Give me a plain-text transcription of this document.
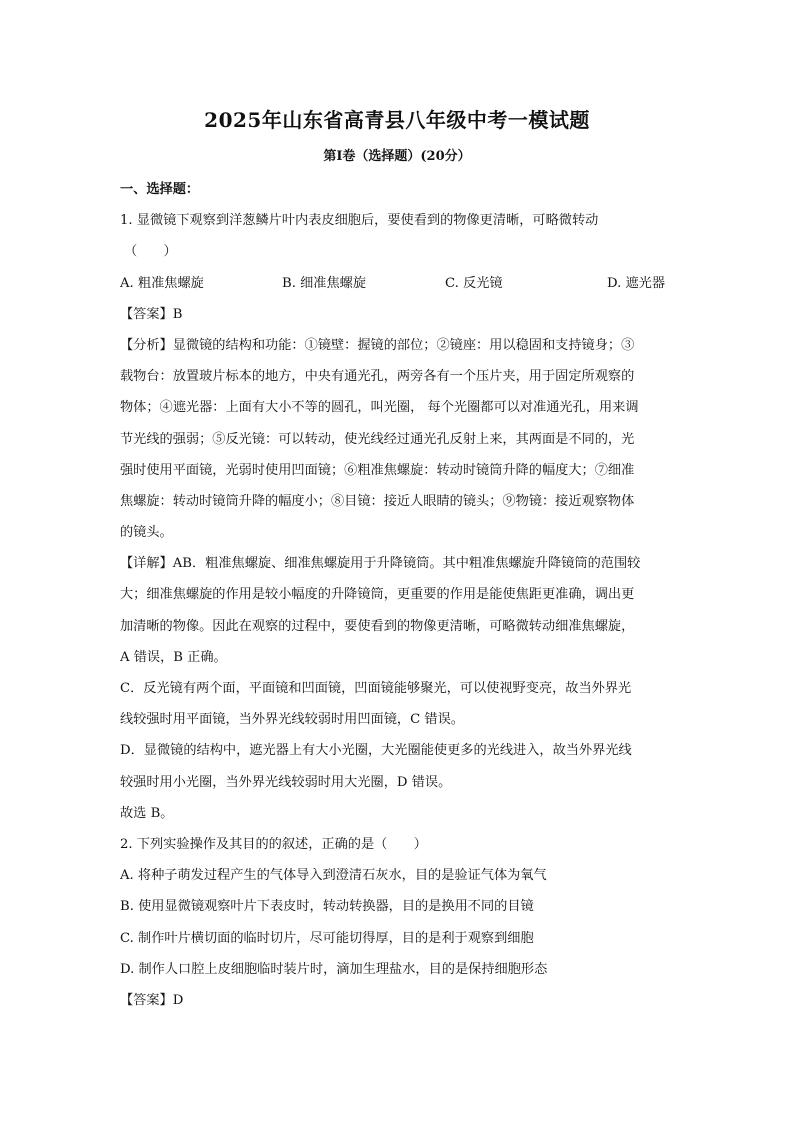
2025年山东省高青县八年级中考一模试题
第Ⅰ卷（选择题）(20分）
一、选择题：
1. 显微镜下观察到洋葱鳞片叶内表皮细胞后，要使看到的物像更清晰，可略微转动
（　　）
A. 粗准焦螺旋	B. 细准焦螺旋	C. 反光镜	D. 遮光器
【答案】B
【分析】显微镜的结构和功能：①镜壁：握镜的部位；②镜座：用以稳固和支持镜身；③
载物台：放置玻片标本的地方，中央有通光孔，两旁各有一个压片夹，用于固定所观察的
物体；④遮光器：上面有大小不等的圆孔，叫光圈， 每个光圈都可以对准通光孔，用来调
节光线的强弱；⑤反光镜：可以转动，使光线经过通光孔反射上来，其两面是不同的，光
强时使用平面镜，光弱时使用凹面镜；⑥粗准焦螺旋：转动时镜筒升降的幅度大；⑦细准
焦螺旋：转动时镜筒升降的幅度小；⑧目镜：接近人眼睛的镜头；⑨物镜：接近观察物体
的镜头。
【详解】AB．粗准焦螺旋、细准焦螺旋用于升降镜筒。其中粗准焦螺旋升降镜筒的范围较
大；细准焦螺旋的作用是较小幅度的升降镜筒，更重要的作用是能使焦距更准确，调出更
加清晰的物像。因此在观察的过程中，要使看到的物像更清晰，可略微转动细准焦螺旋，
A 错误，B 正确。
C．反光镜有两个面，平面镜和凹面镜，凹面镜能够聚光，可以使视野变亮，故当外界光
线较强时用平面镜，当外界光线较弱时用凹面镜，C 错误。
D．显微镜的结构中，遮光器上有大小光圈，大光圈能使更多的光线进入，故当外界光线
较强时用小光圈，当外界光线较弱时用大光圈，D 错误。
故选 B。
2. 下列实验操作及其目的的叙述，正确的是（　　）
A. 将种子萌发过程产生的气体导入到澄清石灰水，目的是验证气体为氧气
B. 使用显微镜观察叶片下表皮时，转动转换器，目的是换用不同的目镜
C. 制作叶片横切面的临时切片，尽可能切得厚，目的是利于观察到细胞
D. 制作人口腔上皮细胞临时装片时，滴加生理盐水，目的是保持细胞形态
【答案】D
